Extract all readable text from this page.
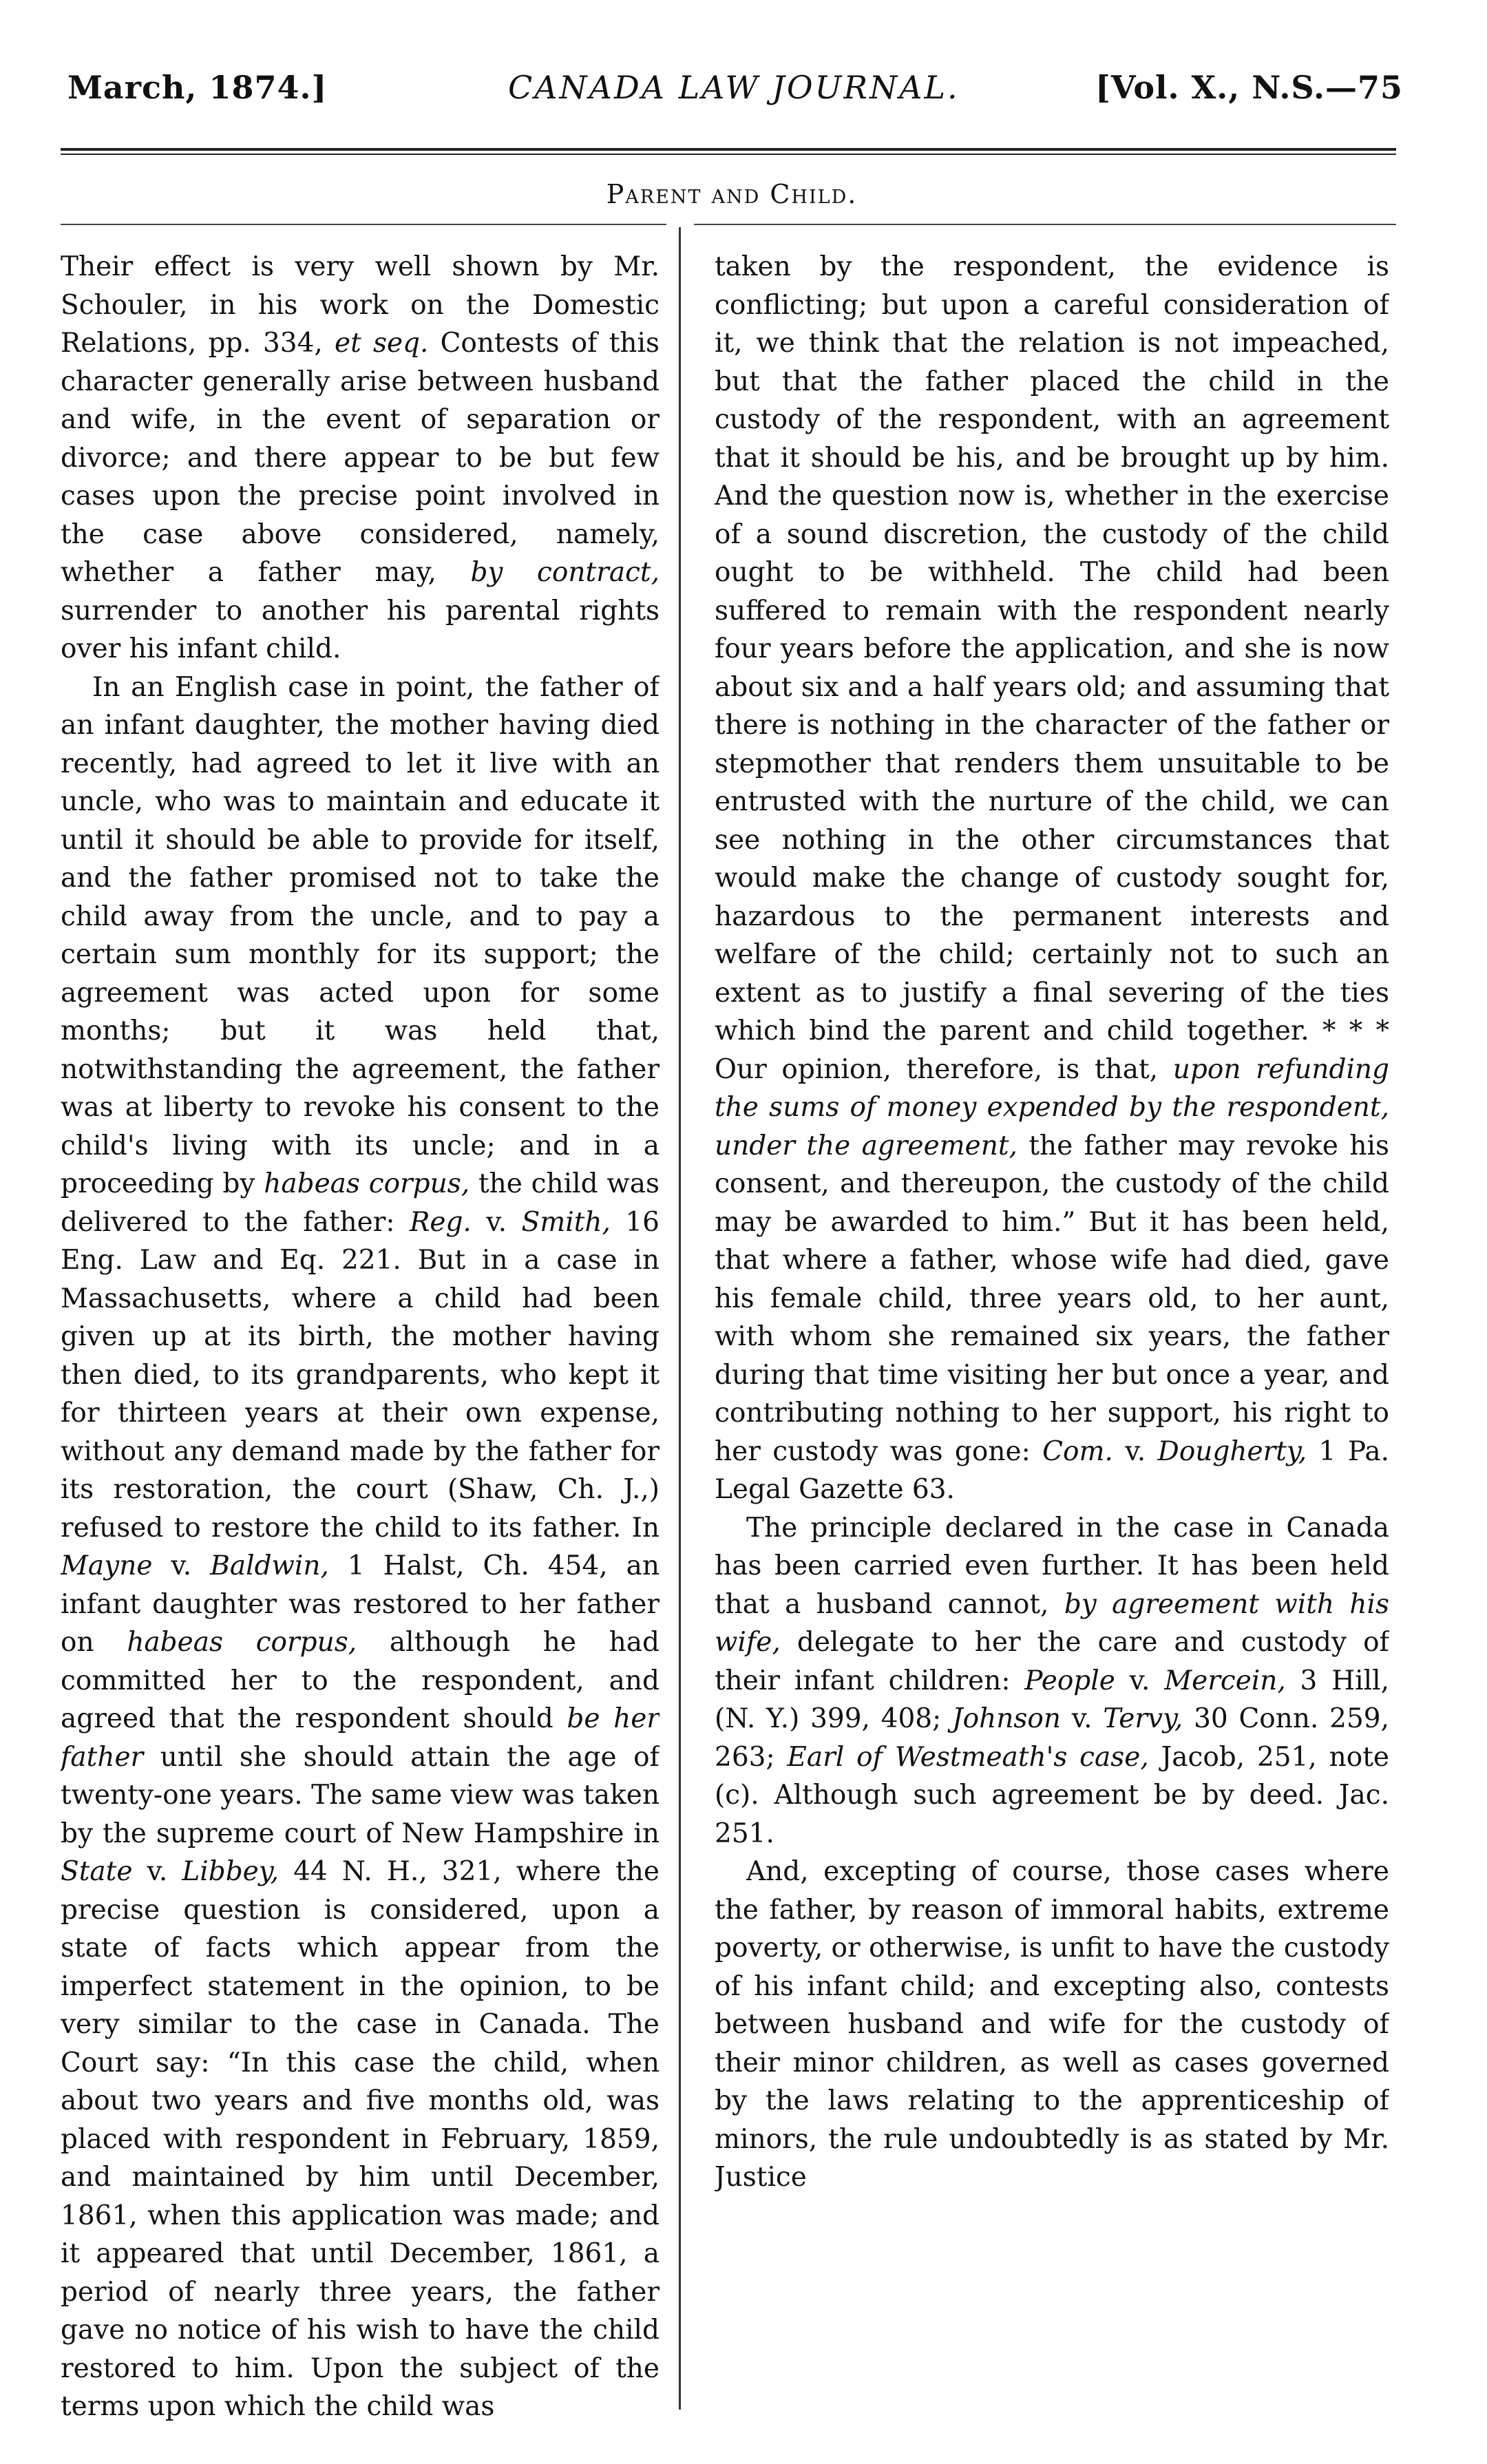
March, 1874.]	CANADA LAW JOURNAL.	[Vol. X., N.S.—75
Parent and Child.

Their effect is very well shown by Mr. Schouler, in his work on the Domestic Relations, pp. 334, et seq. Contests of this character generally arise between husband and wife, in the event of separation or divorce; and there appear to be but few cases upon the precise point involved in the case above considered, namely, whether a father may, by contract, surrender to another his parental rights over his infant child.

In an English case in point, the father of an infant daughter, the mother having died recently, had agreed to let it live with an uncle, who was to maintain and educate it until it should be able to provide for itself, and the father promised not to take the child away from the uncle, and to pay a certain sum monthly for its support; the agreement was acted upon for some months; but it was held that, notwithstanding the agreement, the father was at liberty to revoke his consent to the child's living with its uncle; and in a proceeding by habeas corpus, the child was delivered to the father: Reg. v. Smith, 16 Eng. Law and Eq. 221. But in a case in Massachusetts, where a child had been given up at its birth, the mother having then died, to its grandparents, who kept it for thirteen years at their own expense, without any demand made by the father for its restoration, the court (Shaw, Ch. J.,) refused to restore the child to its father. In Mayne v. Baldwin, 1 Halst, Ch. 454, an infant daughter was restored to her father on habeas corpus, although he had committed her to the respondent, and agreed that the respondent should be her father until she should attain the age of twenty-one years. The same view was taken by the supreme court of New Hampshire in State v. Libbey, 44 N. H., 321, where the precise question is considered, upon a state of facts which appear from the imperfect statement in the opinion, to be very similar to the case in Canada. The Court say: “In this case the child, when about two years and five months old, was placed with respondent in February, 1859, and maintained by him until December, 1861, when this application was made; and it appeared that until December, 1861, a period of nearly three years, the father gave no notice of his wish to have the child restored to him. Upon the subject of the terms upon which the child was

taken by the respondent, the evidence is conflicting; but upon a careful consideration of it, we think that the relation is not impeached, but that the father placed the child in the custody of the respondent, with an agreement that it should be his, and be brought up by him. And the question now is, whether in the exercise of a sound discretion, the custody of the child ought to be withheld. The child had been suffered to remain with the respondent nearly four years before the application, and she is now about six and a half years old; and assuming that there is nothing in the character of the father or stepmother that renders them unsuitable to be entrusted with the nurture of the child, we can see nothing in the other circumstances that would make the change of custody sought for, hazardous to the permanent interests and welfare of the child; certainly not to such an extent as to justify a final severing of the ties which bind the parent and child together. * * * Our opinion, therefore, is that, upon refunding the sums of money expended by the respondent, under the agreement, the father may revoke his consent, and thereupon, the custody of the child may be awarded to him.” But it has been held, that where a father, whose wife had died, gave his female child, three years old, to her aunt, with whom she remained six years, the father during that time visiting her but once a year, and contributing nothing to her support, his right to her custody was gone: Com. v. Dougherty, 1 Pa. Legal Gazette 63.

The principle declared in the case in Canada has been carried even further. It has been held that a husband cannot, by agreement with his wife, delegate to her the care and custody of their infant children: People v. Mercein, 3 Hill, (N. Y.) 399, 408; Johnson v. Tervy, 30 Conn. 259, 263; Earl of Westmeath's case, Jacob, 251, note (c). Although such agreement be by deed. Jac. 251.

And, excepting of course, those cases where the father, by reason of immoral habits, extreme poverty, or otherwise, is unfit to have the custody of his infant child; and excepting also, contests between husband and wife for the custody of their minor children, as well as cases governed by the laws relating to the apprenticeship of minors, the rule undoubtedly is as stated by Mr. Justice
